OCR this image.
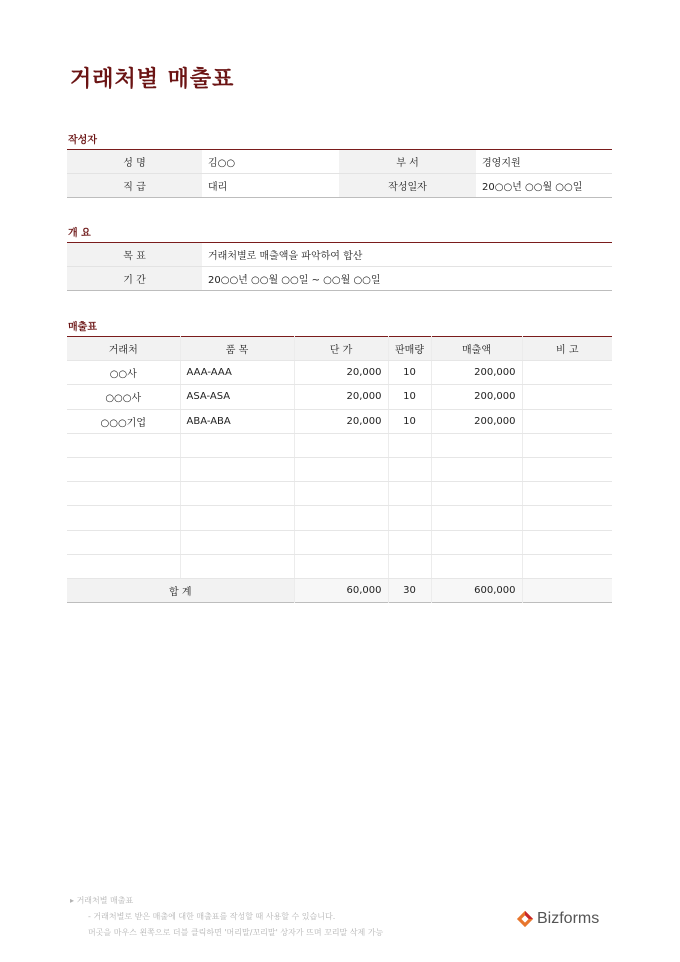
거래처별 매출표
작성자
성 명	김○○	부 서	경영지원
직 급	대리	작성일자	20○○년 ○○월 ○○일
개 요
목 표	거래처별로 매출액을 파악하여 합산
기 간	20○○년 ○○월 ○○일 ~ ○○월 ○○일
매출표
거래처	품 목	단 가	판매량	매출액	비 고
○○사	AAA-AAA	20,000	10	200,000	
○○○사	ASA-ASA	20,000	10	200,000	
○○○기업	ABA-ABA	20,000	10	200,000	

합 계		60,000	30	600,000	
▸ 거래처별 매출표
- 거래처별로 받은 매출에 대한 매출표를 작성할 때 사용할 수 있습니다.
머곳을 마우스 왼쪽으로 더블 클릭하면 '머리말/꼬리말' 상자가 뜨며 꼬리말 삭제 가능
Bizforms
